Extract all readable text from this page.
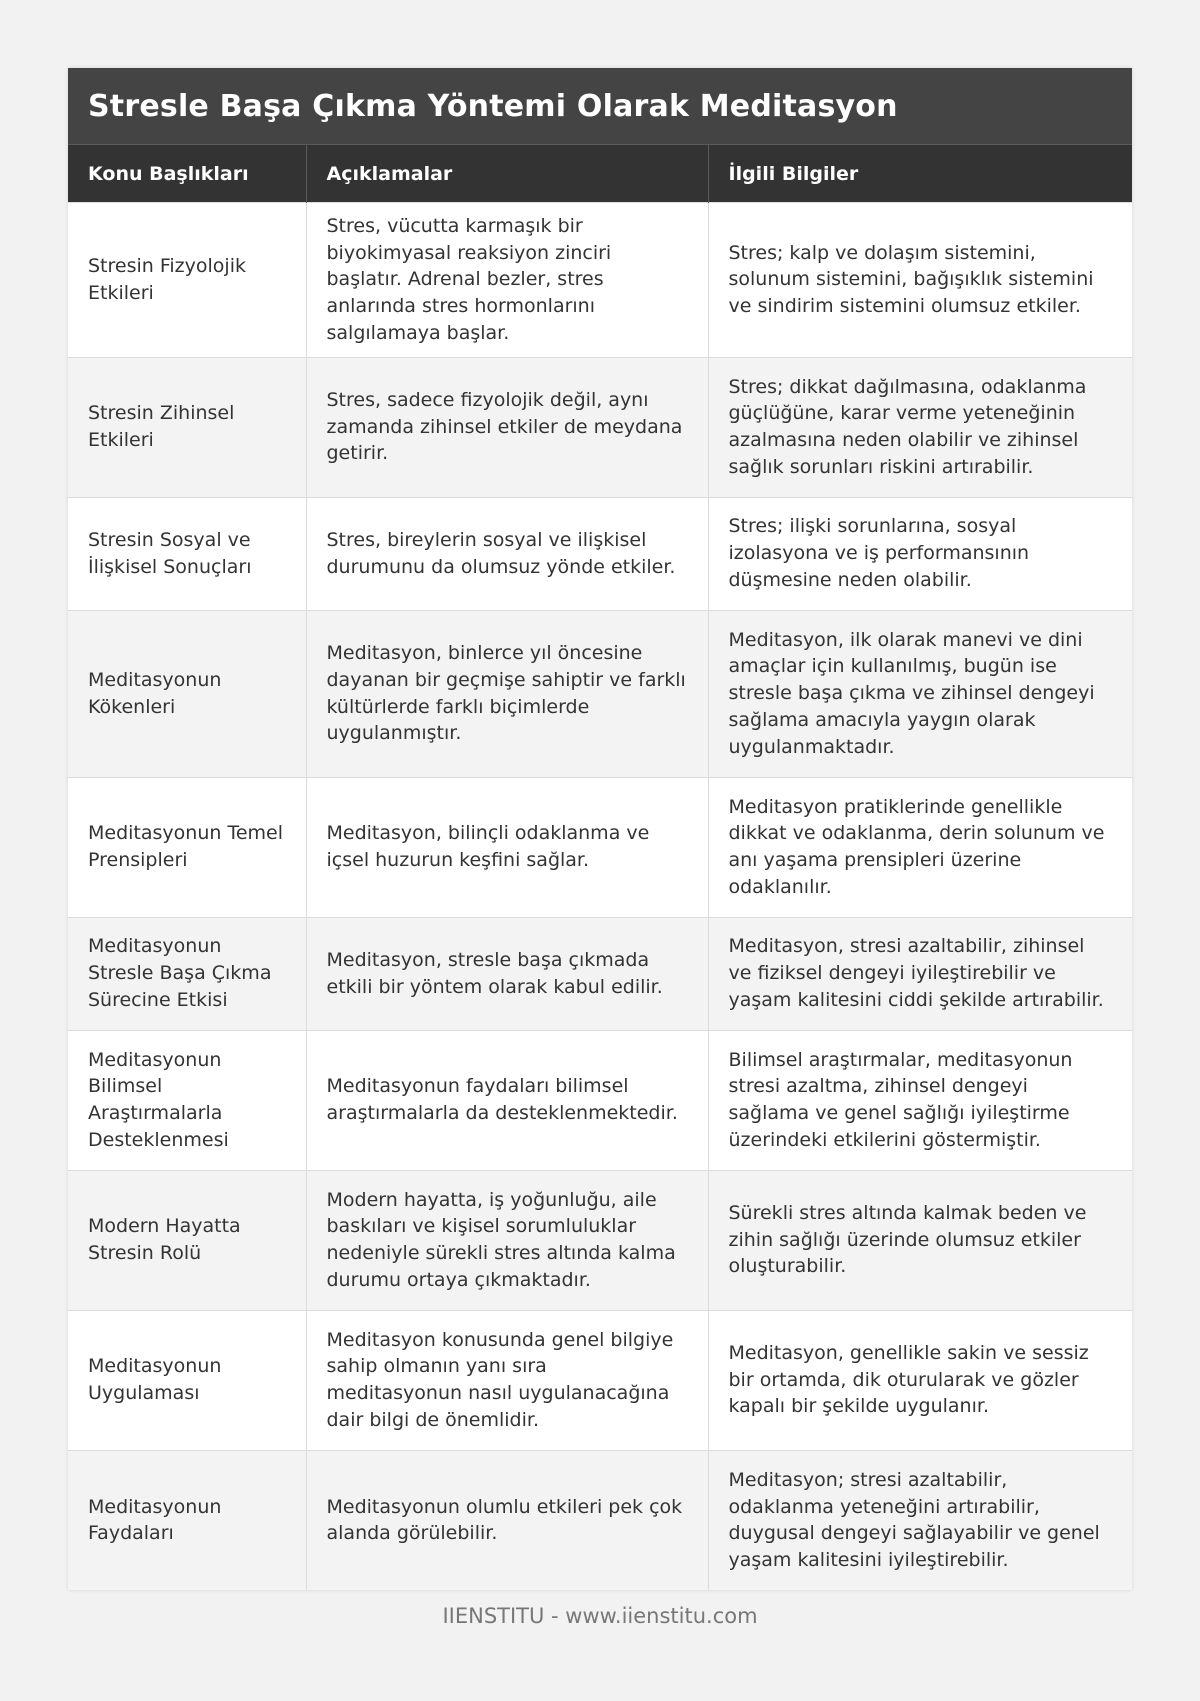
Stresle Başa Çıkma Yöntemi Olarak Meditasyon
Konu Başlıkları	Açıklamalar	İlgili Bilgiler
Stresin Fizyolojik Etkileri	Stres, vücutta karmaşık bir biyokimyasal reaksiyon zinciri başlatır. Adrenal bezler, stres anlarında stres hormonlarını salgılamaya başlar.	Stres; kalp ve dolaşım sistemini, solunum sistemini, bağışıklık sistemini ve sindirim sistemini olumsuz etkiler.
Stresin Zihinsel Etkileri	Stres, sadece fizyolojik değil, aynı zamanda zihinsel etkiler de meydana getirir.	Stres; dikkat dağılmasına, odaklanma güçlüğüne, karar verme yeteneğinin azalmasına neden olabilir ve zihinsel sağlık sorunları riskini artırabilir.
Stresin Sosyal ve İlişkisel Sonuçları	Stres, bireylerin sosyal ve ilişkisel durumunu da olumsuz yönde etkiler.	Stres; ilişki sorunlarına, sosyal izolasyona ve iş performansının düşmesine neden olabilir.
Meditasyonun Kökenleri	Meditasyon, binlerce yıl öncesine dayanan bir geçmişe sahiptir ve farklı kültürlerde farklı biçimlerde uygulanmıştır.	Meditasyon, ilk olarak manevi ve dini amaçlar için kullanılmış, bugün ise stresle başa çıkma ve zihinsel dengeyi sağlama amacıyla yaygın olarak uygulanmaktadır.
Meditasyonun Temel Prensipleri	Meditasyon, bilinçli odaklanma ve içsel huzurun keşfini sağlar.	Meditasyon pratiklerinde genellikle dikkat ve odaklanma, derin solunum ve anı yaşama prensipleri üzerine odaklanılır.
Meditasyonun Stresle Başa Çıkma Sürecine Etkisi	Meditasyon, stresle başa çıkmada etkili bir yöntem olarak kabul edilir.	Meditasyon, stresi azaltabilir, zihinsel ve fiziksel dengeyi iyileştirebilir ve yaşam kalitesini ciddi şekilde artırabilir.
Meditasyonun Bilimsel Araştırmalarla Desteklenmesi	Meditasyonun faydaları bilimsel araştırmalarla da desteklenmektedir.	Bilimsel araştırmalar, meditasyonun stresi azaltma, zihinsel dengeyi sağlama ve genel sağlığı iyileştirme üzerindeki etkilerini göstermiştir.
Modern Hayatta Stresin Rolü	Modern hayatta, iş yoğunluğu, aile baskıları ve kişisel sorumluluklar nedeniyle sürekli stres altında kalma durumu ortaya çıkmaktadır.	Sürekli stres altında kalmak beden ve zihin sağlığı üzerinde olumsuz etkiler oluşturabilir.
Meditasyonun Uygulaması	Meditasyon konusunda genel bilgiye sahip olmanın yanı sıra meditasyonun nasıl uygulanacağına dair bilgi de önemlidir.	Meditasyon, genellikle sakin ve sessiz bir ortamda, dik oturularak ve gözler kapalı bir şekilde uygulanır.
Meditasyonun Faydaları	Meditasyonun olumlu etkileri pek çok alanda görülebilir.	Meditasyon; stresi azaltabilir, odaklanma yeteneğini artırabilir, duygusal dengeyi sağlayabilir ve genel yaşam kalitesini iyileştirebilir.
IIENSTITU - www.iienstitu.com
